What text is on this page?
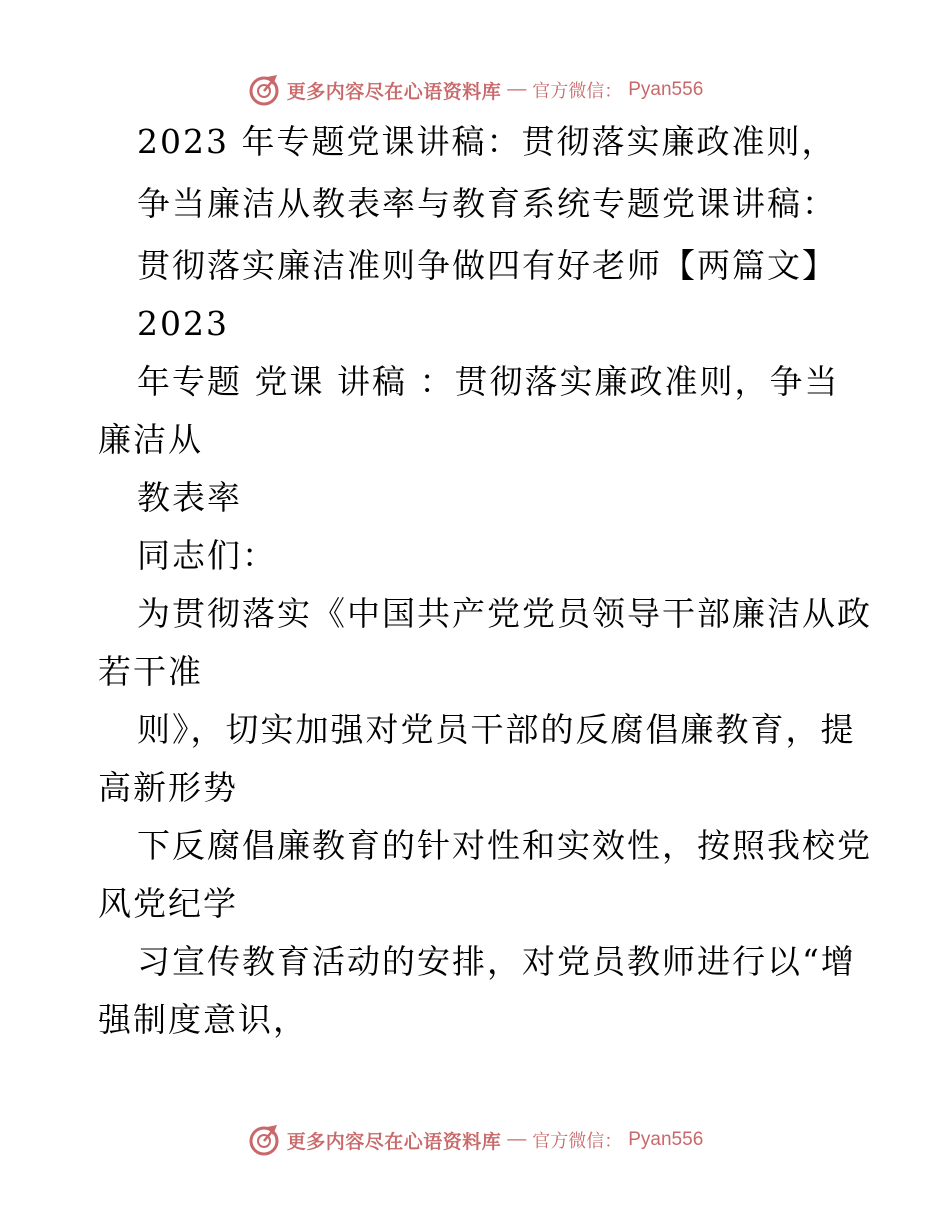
更多内容尽在心语资料库 — 官方微信： Pyan556
2023 年专题党课讲稿：贯彻落实廉政准则，
争当廉洁从教表率与教育系统专题党课讲稿：
贯彻落实廉洁准则争做四有好老师【两篇文】
2023
年专题 党课 讲稿 ：贯彻落实廉政准则，争当
廉洁从
教表率
同志们：
为贯彻落实《中国共产党党员领导干部廉洁从政
若干准
则》，切实加强对党员干部的反腐倡廉教育，提
高新形势
下反腐倡廉教育的针对性和实效性，按照我校党
风党纪学
习宣传教育活动的安排，对党员教师进行以“增
强制度意识，
更多内容尽在心语资料库 — 官方微信： Pyan556
